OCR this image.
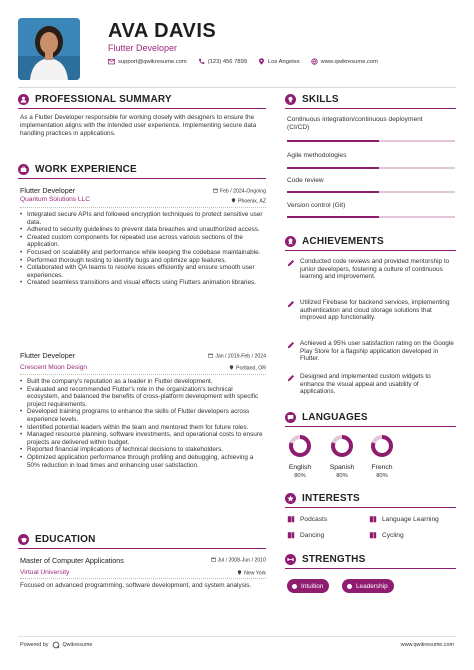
AVA DAVIS
Flutter Developer
support@qwikresume.com	(123) 456 7899	Los Angeles	www.qwikresume.com
PROFESSIONAL SUMMARY
As a Flutter Developer responsible for working closely with designers to ensure the implementation aligns with the intended user experience. Implementing secure data handling practices in applications.
WORK EXPERIENCE
Flutter Developer	Feb / 2024-Ongoing
Quantum Solutions LLC	Phoenix, AZ
• Integrated secure APIs and followed encryption techniques to protect sensitive user data.
• Adhered to security guidelines to prevent data breaches and unauthorized access.
• Created custom components for repeated use across various sections of the application.
• Focused on scalability and performance while keeping the codebase maintainable.
• Performed thorough testing to identify bugs and optimize app features.
• Collaborated with QA teams to resolve issues efficiently and ensure smooth user experiences.
• Created seamless transitions and visual effects using Flutters animation libraries.
Flutter Developer	Jan / 2019-Feb / 2024
Crescent Moon Design	Portland, OR
• Built the company's reputation as a leader in Flutter development.
• Evaluated and recommended Flutter's role in the organization's technical ecosystem, and balanced the benefits of cross-platform development with specific project requirements.
• Developed training programs to enhance the skills of Flutter developers across experience levels.
• Identified potential leaders within the team and mentored them for future roles.
• Managed resource planning, software investments, and operational costs to ensure projects are delivered within budget.
• Reported financial implications of technical decisions to stakeholders.
• Optimized application performance through profiling and debugging, achieving a 50% reduction in load times and enhancing user satisfaction.
EDUCATION
Master of Computer Applications	Jul / 2008-Jun / 2010
Virtual University	New York
Focused on advanced programming, software development, and system analysis.
SKILLS
Continuous integration/continuous deployment (CI/CD)
Agile methodologies
Code review
Version control (Git)
ACHIEVEMENTS
Conducted code reviews and provided mentorship to junior developers, fostering a culture of continuous learning and improvement.
Utilized Firebase for backend services, implementing authentication and cloud storage solutions that improved app functionality.
Achieved a 95% user satisfaction rating on the Google Play Store for a flagship application developed in Flutter.
Designed and implemented custom widgets to enhance the visual appeal and usability of applications.
LANGUAGES
English
80%
Spanish
80%
French
80%
INTERESTS
Podcasts	Language Learning
Dancing	Cycling
STRENGTHS
Intuition	Leadership
Powered by	Qwikresume	www.qwikresume.com
